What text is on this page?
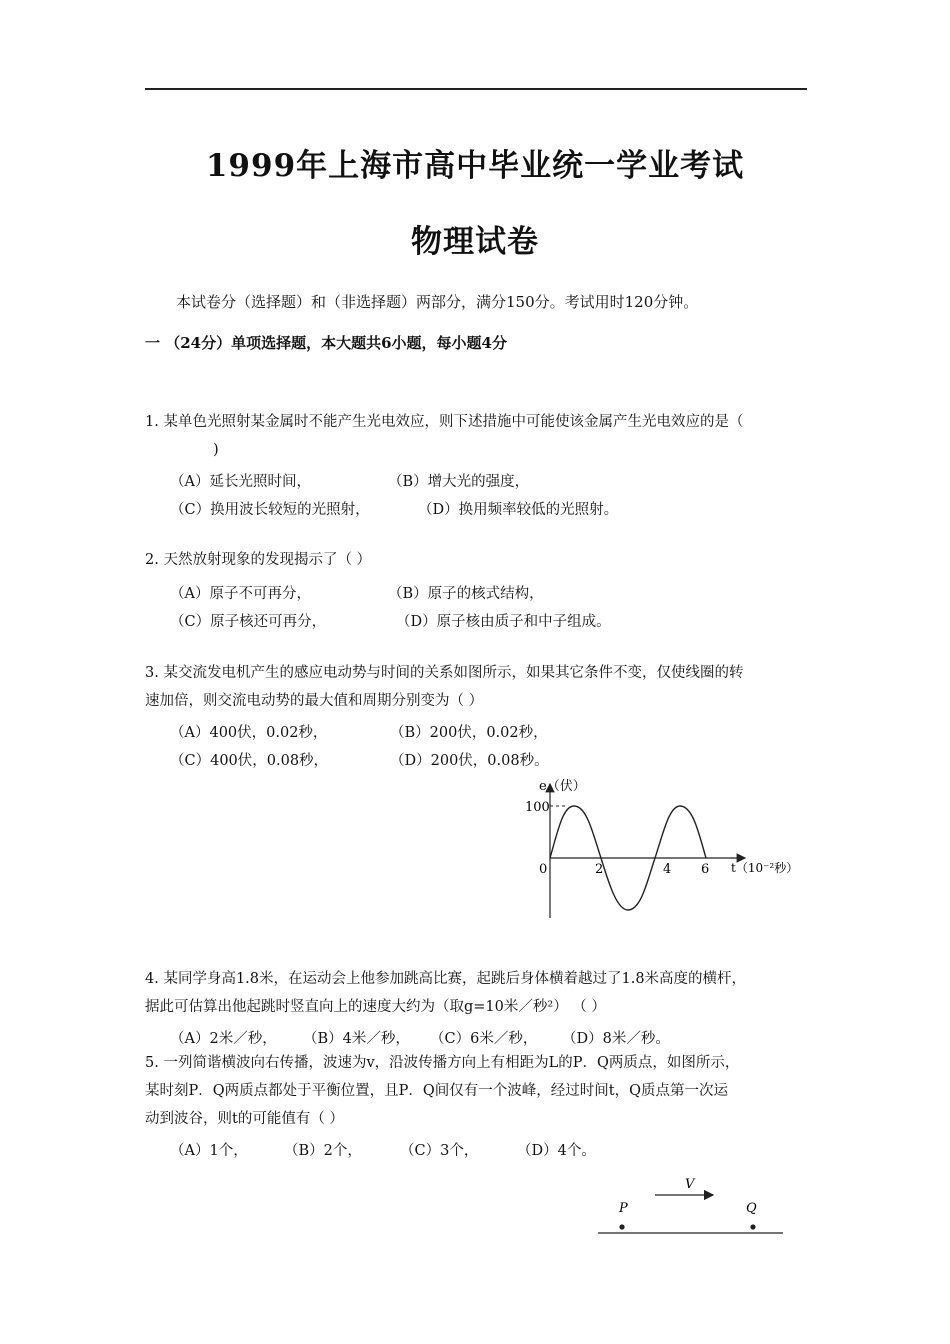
1999年上海市高中毕业统一学业考试
物理试卷
本试卷分（选择题）和（非选择题）两部分，满分150分。考试用时120分钟。
一 （24分）单项选择题，本大题共6小题，每小题4分
1. 某单色光照射某金属时不能产生光电效应，则下述措施中可能使该金属产生光电效应的是（
)
（A）延长光照时间，	（B）增大光的强度，
（C）换用波长较短的光照射，	（D）换用频率较低的光照射。
2. 天然放射现象的发现揭示了（ ）
（A）原子不可再分，	（B）原子的核式结构，
（C）原子核还可再分，	（D）原子核由质子和中子组成。
3. 某交流发电机产生的感应电动势与时间的关系如图所示，如果其它条件不变，仅使线圈的转
速加倍，则交流电动势的最大值和周期分别变为（ ）
（A）400伏，0.02秒，	（B）200伏，0.02秒，
（C）400伏，0.08秒，	（D）200伏，0.08秒。
e（伏）
100
0	2	4 6 t（10⁻²秒）
4. 某同学身高1.8米，在运动会上他参加跳高比赛，起跳后身体横着越过了1.8米高度的横杆，
据此可估算出他起跳时竖直向上的速度大约为（取g=10米／秒²） （ ）
（A）2米／秒， （B）4米／秒， （C）6米／秒， （D）8米／秒。
5. 一列简谐横波向右传播，波速为v，沿波传播方向上有相距为L的P．Q两质点，如图所示，
某时刻P．Q两质点都处于平衡位置，且P．Q间仅有一个波峰，经过时间t，Q质点第一次运
动到波谷，则t的可能值有（ ）
（A）1个，	（B）2个，	（C）3个，	（D）4个。
V
P	Q
